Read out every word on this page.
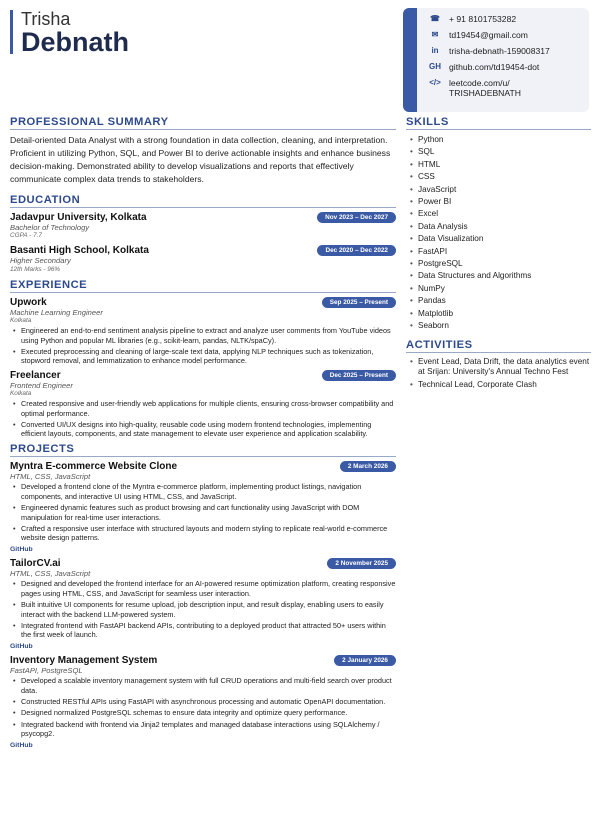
Trisha
Debnath
☎	+ 91 8101753282
✉	td19454@gmail.com
in	trisha-debnath-159008317
GH github.com/td19454-dot
</> leetcode.com/u/
TRISHADEBNATH
PROFESSIONAL SUMMARY
Detail-oriented Data Analyst with a strong foundation in data collection, cleaning, and interpretation. Proficient in utilizing Python, SQL, and Power BI to derive actionable insights and enhance business decision-making. Demonstrated ability to develop visualizations and reports that effectively communicate complex data trends to stakeholders.
EDUCATION
Jadavpur University, Kolkata	Nov 2023 – Dec 2027
Bachelor of Technology
CGPA - 7.7
Basanti High School, Kolkata	Dec 2020 – Dec 2022
Higher Secondary
12th Marks - 96%
EXPERIENCE
Upwork	Sep 2025 – Present
Machine Learning Engineer
Kolkata
• Engineered an end-to-end sentiment analysis pipeline to extract and analyze user comments from YouTube videos using Python and popular ML libraries (e.g., scikit-learn, pandas, NLTK/spaCy).
• Executed preprocessing and cleaning of large-scale text data, applying NLP techniques such as tokenization, stopword removal, and lemmatization to enhance model performance.
Freelancer	Dec 2025 – Present
Frontend Engineer
Kolkata
• Created responsive and user-friendly web applications for multiple clients, ensuring cross-browser compatibility and optimal performance.
• Converted UI/UX designs into high-quality, reusable code using modern frontend technologies, implementing efficient layouts, components, and state management to elevate user experience and application scalability.
PROJECTS
Myntra E-commerce Website Clone	2 March 2026
HTML, CSS, JavaScript
• Developed a frontend clone of the Myntra e-commerce platform, implementing product listings, navigation components, and interactive UI using HTML, CSS, and JavaScript.
• Engineered dynamic features such as product browsing and cart functionality using JavaScript with DOM manipulation for real-time user interactions.
• Crafted a responsive user interface with structured layouts and modern styling to replicate real-world e-commerce website design patterns.
GitHub
TailorCV.ai	2 November 2025
HTML, CSS, JavaScript
• Designed and developed the frontend interface for an AI-powered resume optimization platform, creating responsive pages using HTML, CSS, and JavaScript for seamless user interaction.
• Built intuitive UI components for resume upload, job description input, and result display, enabling users to easily interact with the backend LLM-powered system.
• Integrated frontend with FastAPI backend APIs, contributing to a deployed product that attracted 50+ users within the first week of launch.
GitHub
Inventory Management System	2 January 2026
FastAPI, PostgreSQL
• Developed a scalable inventory management system with full CRUD operations and multi-field search over product data.
• Constructed RESTful APIs using FastAPI with asynchronous processing and automatic OpenAPI documentation.
• Designed normalized PostgreSQL schemas to ensure data integrity and optimize query performance.
• Integrated backend with frontend via Jinja2 templates and managed database interactions using SQLAlchemy / psycopg2.
GitHub
SKILLS
• Python
• SQL
• HTML
• CSS
• JavaScript
• Power BI
• Excel
• Data Analysis
• Data Visualization
• FastAPI
• PostgreSQL
• Data Structures and Algorithms
• NumPy
• Pandas
• Matplotlib
• Seaborn
ACTIVITIES
• Event Lead, Data Drift, the data analytics event at Srijan: University's Annual Techno Fest
• Technical Lead, Corporate Clash
